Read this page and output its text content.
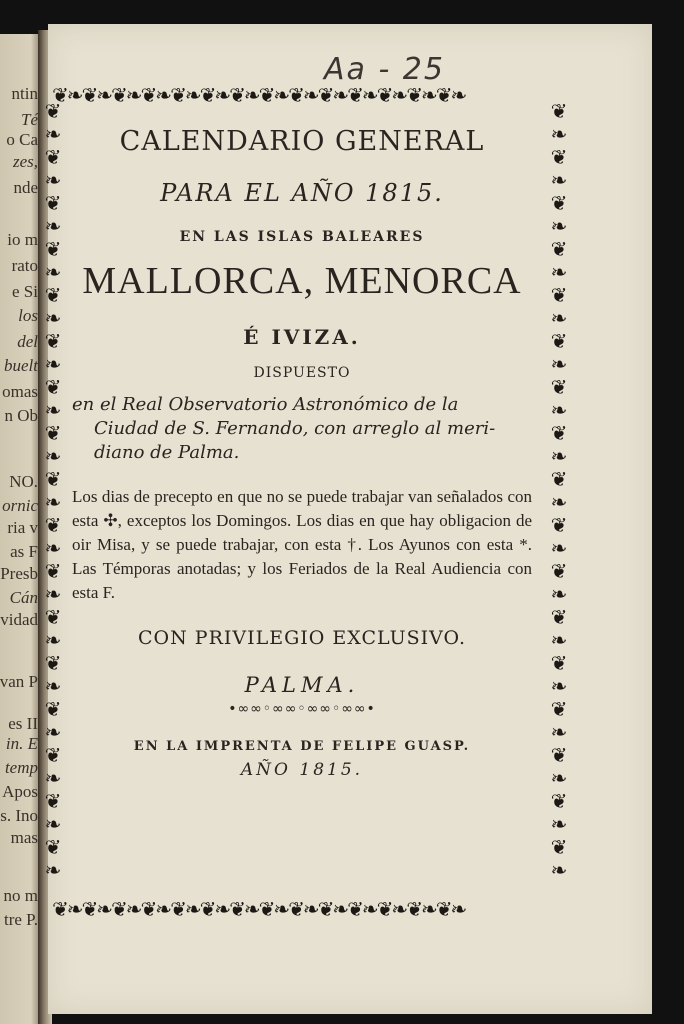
ntin
Té
o Ca
zes,
nde
io m
rato
e Si
los
del
buelt
omas
n Ob
NO.
ornic
ria v
as F
Presb
Cán
vidad
van P
es II
in. E
temp
Apos
s. Ino
mas
no m
tre P.
Aa - 25
❦❧❦❧❦❧❦❧❦❧❦❧❦❧❦❧❦❧❦❧❦❧❦❧❦❧❦❧
❦❧❦❧❦❧❦❧❦❧❦❧❦❧❦❧❦❧❦❧❦❧❦❧❦❧❦❧
❦❧❦❧❦❧❦❧❦❧❦❧❦❧❦❧❦❧❦❧❦❧❦❧❦❧❦❧❦❧❦❧❦❧
❦❧❦❧❦❧❦❧❦❧❦❧❦❧❦❧❦❧❦❧❦❧❦❧❦❧❦❧❦❧❦❧❦❧
CALENDARIO GENERAL
PARA EL AÑO 1815.
EN LAS ISLAS BALEARES
MALLORCA, MENORCA
É IVIZA.
DISPUESTO
en el Real Observatorio Astronómico de la
Ciudad de S. Fernando, con arreglo al meri-
diano de Palma.
Los dias de precepto en que no se puede trabajar van señalados con esta ✣, exceptos los Domingos. Los dias en que hay obligacion de oir Misa, y se puede trabajar, con esta †. Los Ayunos con esta *. Las Témporas anotadas; y los Feriados de la Real Audiencia con esta F.
CON PRIVILEGIO EXCLUSIVO.
PALMA.
•∞∞◦∞∞◦∞∞◦∞∞•
EN LA IMPRENTA DE FELIPE GUASP.
AÑO 1815.
